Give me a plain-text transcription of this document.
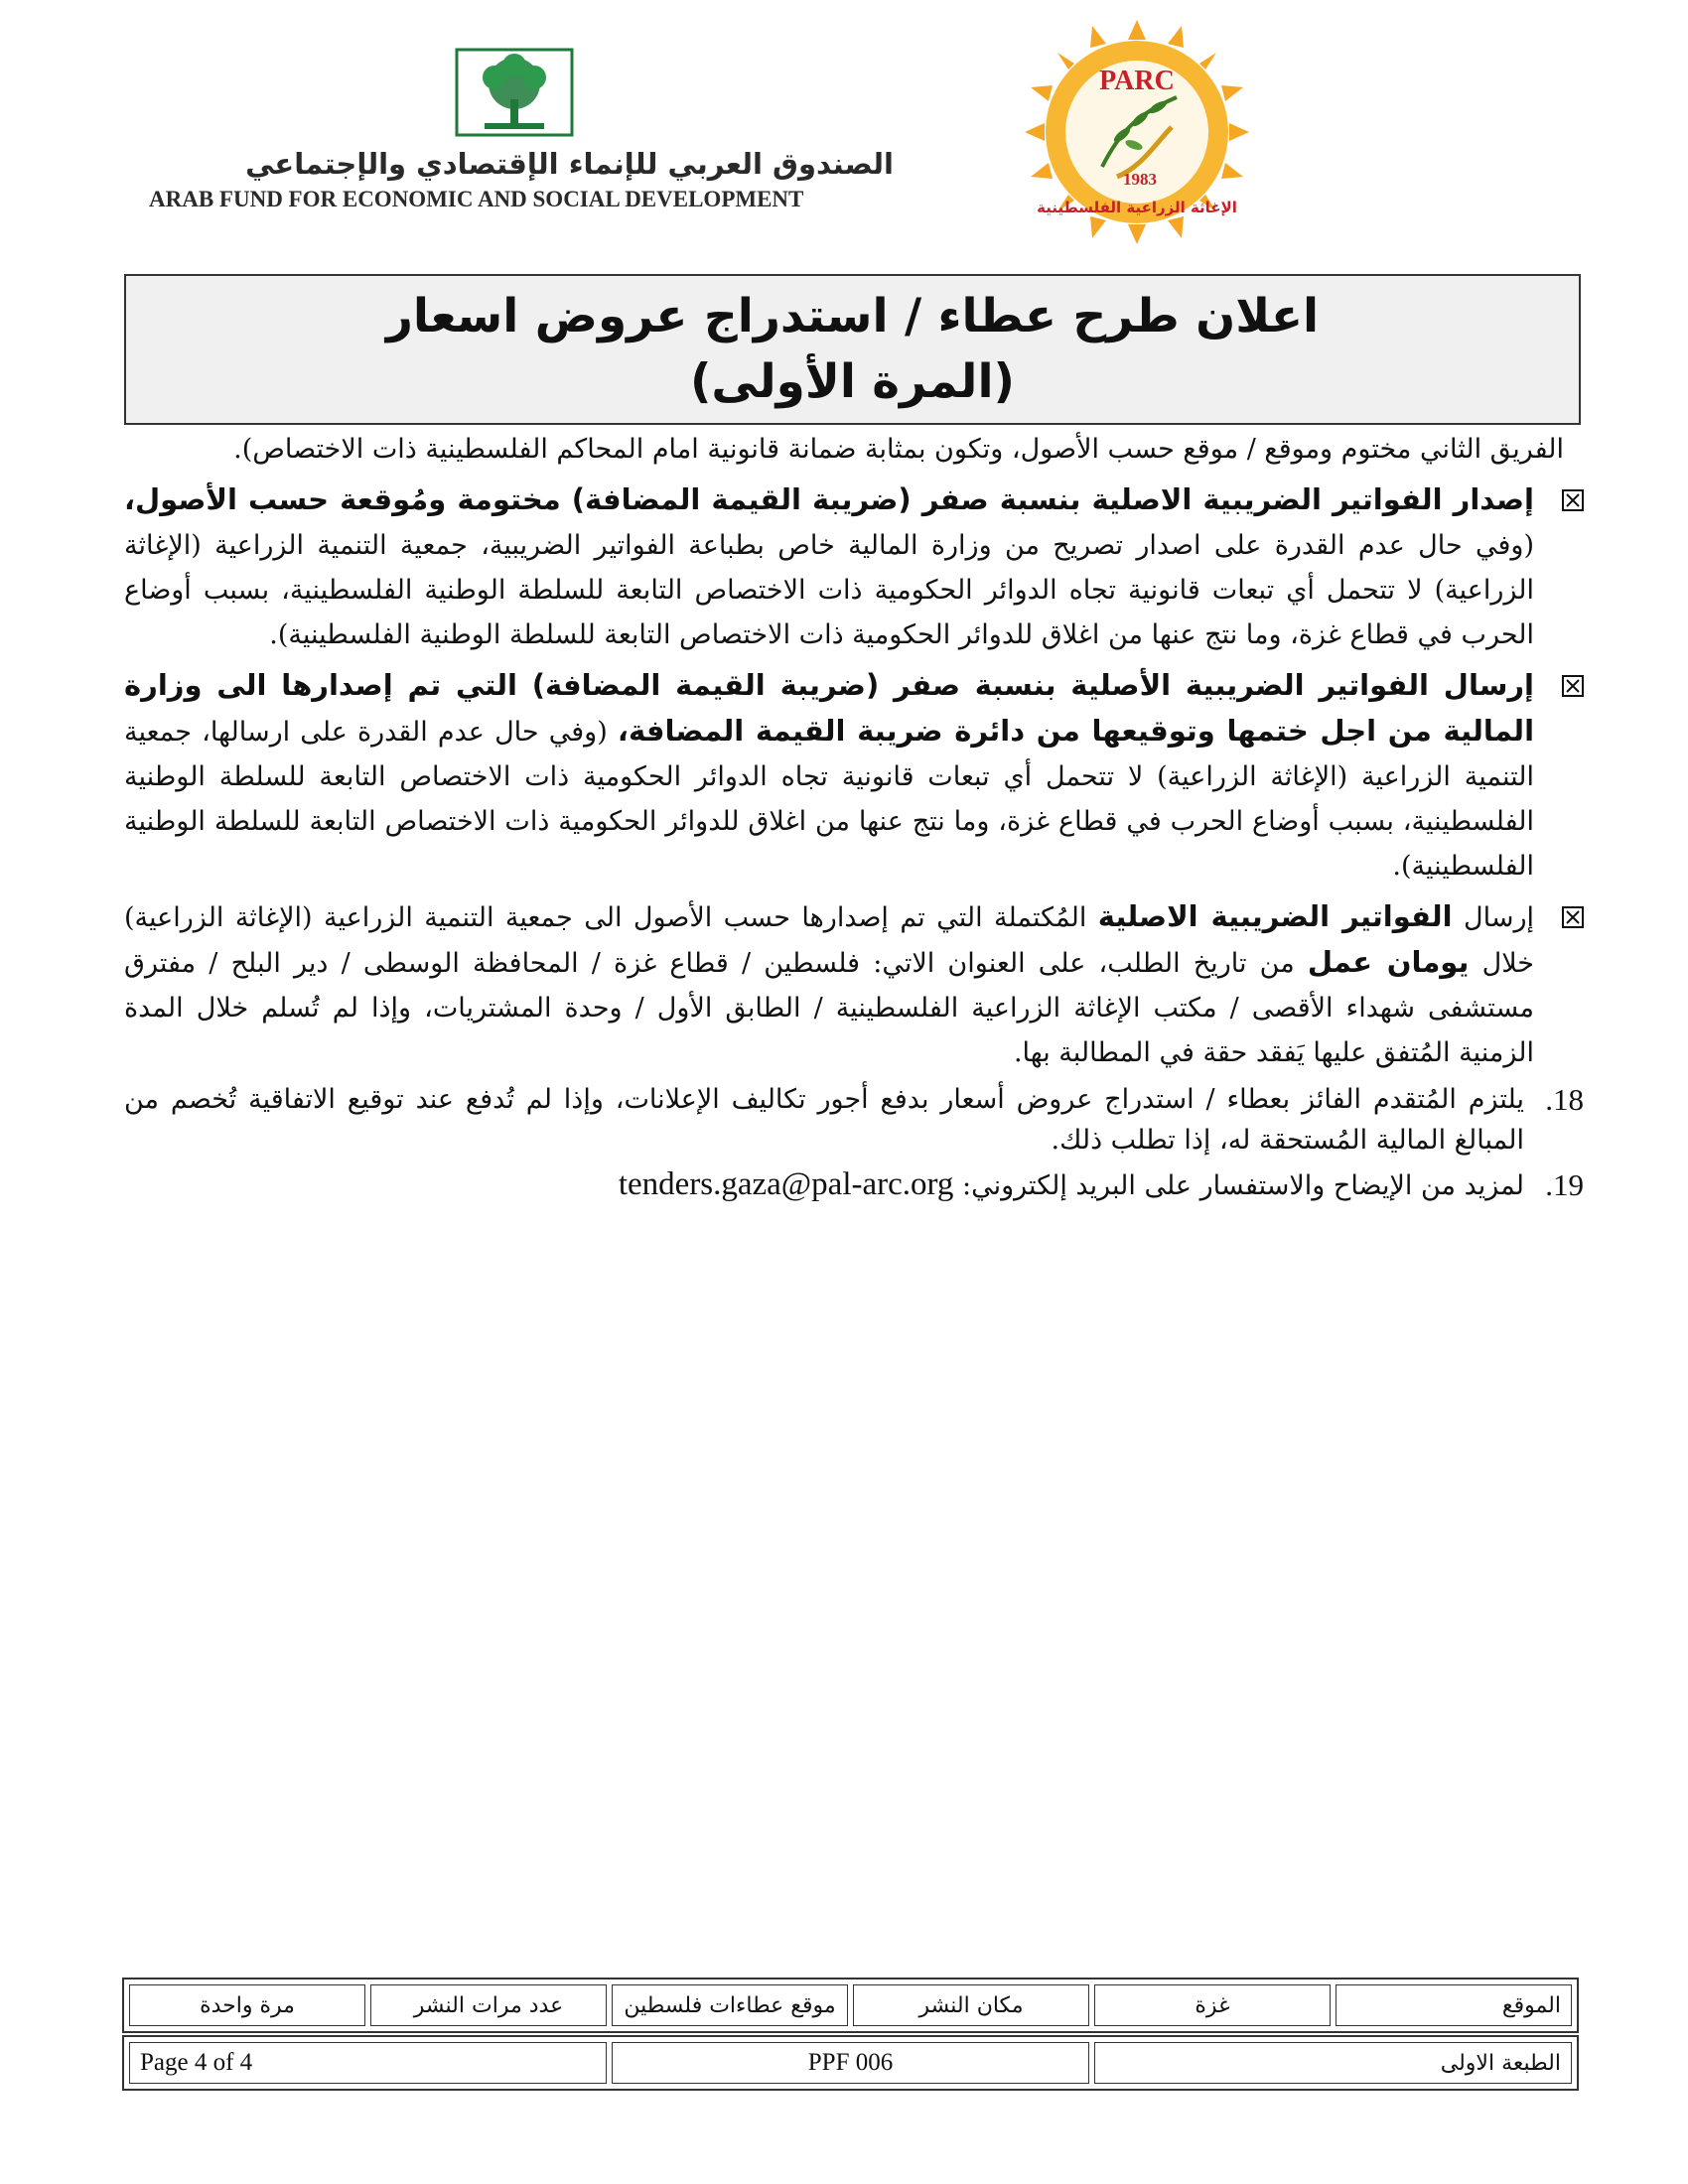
الصندوق العربي للإنماء الإقتصادي والإجتماعي
ARAB FUND FOR ECONOMIC AND SOCIAL DEVELOPMENT
PARC
1983
الإغاثة الزراعية الفلسطينية
اعلان طرح عطاء / استدراج عروض اسعار
(المرة الأولى)
الفريق الثاني مختوم وموقع / موقع حسب الأصول، وتكون بمثابة ضمانة قانونية امام المحاكم الفلسطينية ذات الاختصاص).
إصدار الفواتير الضريبية الاصلية بنسبة صفر (ضريبة القيمة المضافة) مختومة ومُوقعة حسب الأصول، (وفي حال عدم القدرة على اصدار تصريح من وزارة المالية خاص بطباعة الفواتير الضريبية، جمعية التنمية الزراعية (الإغاثة الزراعية) لا تتحمل أي تبعات قانونية تجاه الدوائر الحكومية ذات الاختصاص التابعة للسلطة الوطنية الفلسطينية، بسبب أوضاع الحرب في قطاع غزة، وما نتج عنها من اغلاق للدوائر الحكومية ذات الاختصاص التابعة للسلطة الوطنية الفلسطينية).
إرسال الفواتير الضريبية الأصلية بنسبة صفر (ضريبة القيمة المضافة) التي تم إصدارها الى وزارة المالية من اجل ختمها وتوقيعها من دائرة ضريبة القيمة المضافة، (وفي حال عدم القدرة على ارسالها، جمعية التنمية الزراعية (الإغاثة الزراعية) لا تتحمل أي تبعات قانونية تجاه الدوائر الحكومية ذات الاختصاص التابعة للسلطة الوطنية الفلسطينية، بسبب أوضاع الحرب في قطاع غزة، وما نتج عنها من اغلاق للدوائر الحكومية ذات الاختصاص التابعة للسلطة الوطنية الفلسطينية).
إرسال الفواتير الضريبية الاصلية المُكتملة التي تم إصدارها حسب الأصول الى جمعية التنمية الزراعية (الإغاثة الزراعية) خلال يومان عمل من تاريخ الطلب، على العنوان الاتي: فلسطين / قطاع غزة / المحافظة الوسطى / دير البلح / مفترق مستشفى شهداء الأقصى / مكتب الإغاثة الزراعية الفلسطينية / الطابق الأول / وحدة المشتريات، وإذا لم تُسلم خلال المدة الزمنية المُتفق عليها يَفقد حقة في المطالبة بها.
.18
يلتزم المُتقدم الفائز بعطاء / استدراج عروض أسعار بدفع أجور تكاليف الإعلانات، وإذا لم تُدفع عند توقيع الاتفاقية تُخصم من المبالغ المالية المُستحقة له، إذا تطلب ذلك.
.19
لمزيد من الإيضاح والاستفسار على البريد إلكتروني: tenders.gaza@pal-arc.org
الموقع	غزة	مكان النشر	موقع عطاءات فلسطين	عدد مرات النشر	مرة واحدة
الطبعة الاولى	PPF 006	Page 4 of 4
